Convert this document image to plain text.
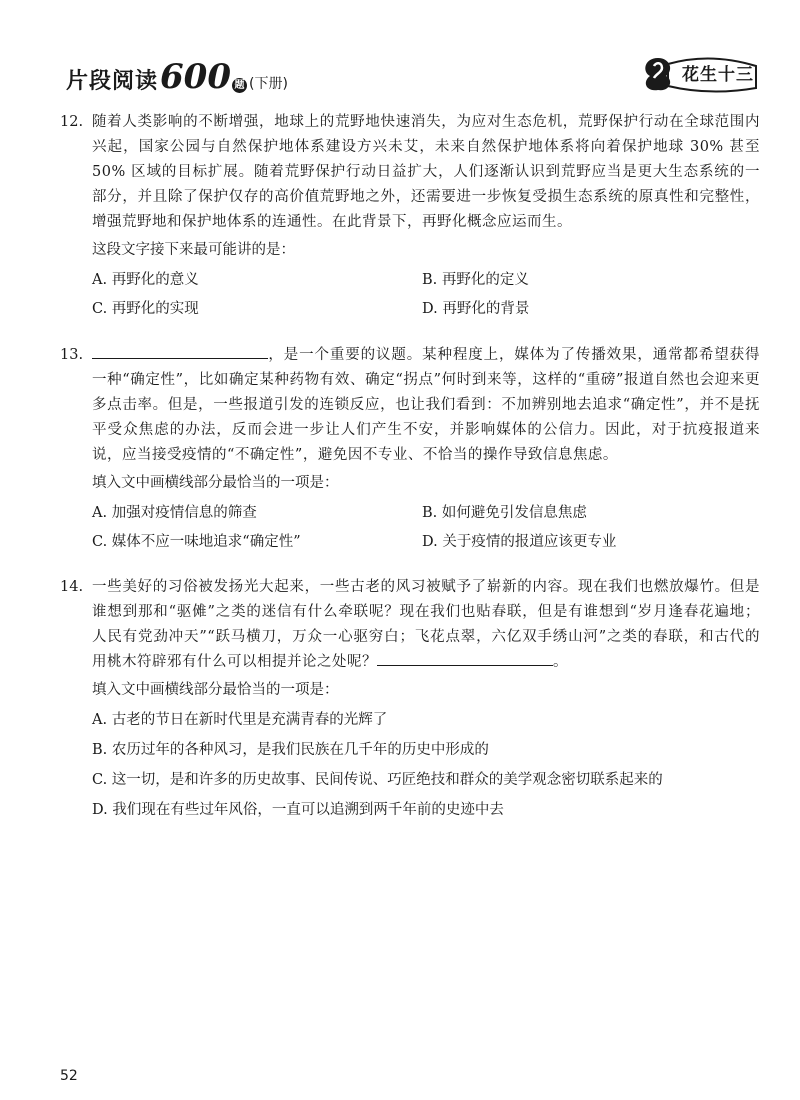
片段阅读 600 题 (下册)	花生十三
12. 随着人类影响的不断增强，地球上的荒野地快速消失，为应对生态危机，荒野保护行动在全球范围内兴起，国家公园与自然保护地体系建设方兴未艾，未来自然保护地体系将向着保护地球 30% 甚至 50% 区域的目标扩展。随着荒野保护行动日益扩大，人们逐渐认识到荒野应当是更大生态系统的一部分，并且除了保护仅存的高价值荒野地之外，还需要进一步恢复受损生态系统的原真性和完整性，增强荒野地和保护地体系的连通性。在此背景下，再野化概念应运而生。
这段文字接下来最可能讲的是：
A. 再野化的意义	B. 再野化的定义
C. 再野化的实现	D. 再野化的背景
13.	，是一个重要的议题。某种程度上，媒体为了传播效果，通常都希望获得一种“确定性”，比如确定某种药物有效、确定“拐点”何时到来等，这样的“重磅”报道自然也会迎来更多点击率。但是，一些报道引发的连锁反应，也让我们看到：不加辨别地去追求“确定性”，并不是抚平受众焦虑的办法，反而会进一步让人们产生不安，并影响媒体的公信力。因此，对于抗疫报道来说，应当接受疫情的“不确定性”，避免因不专业、不恰当的操作导致信息焦虑。
填入文中画横线部分最恰当的一项是：
A. 加强对疫情信息的筛查	B. 如何避免引发信息焦虑
C. 媒体不应一味地追求“确定性”	D. 关于疫情的报道应该更专业
14. 一些美好的习俗被发扬光大起来，一些古老的风习被赋予了崭新的内容。现在我们也燃放爆竹。但是谁想到那和“驱傩”之类的迷信有什么牵联呢？现在我们也贴春联，但是有谁想到“岁月逢春花遍地；人民有党劲冲天”“跃马横刀，万众一心驱穷白；飞花点翠，六亿双手绣山河”之类的春联，和古代的用桃木符辟邪有什么可以相提并论之处呢？	。
填入文中画横线部分最恰当的一项是：
A. 古老的节日在新时代里是充满青春的光辉了
B. 农历过年的各种风习，是我们民族在几千年的历史中形成的
C. 这一切，是和许多的历史故事、民间传说、巧匠绝技和群众的美学观念密切联系起来的
D. 我们现在有些过年风俗，一直可以追溯到两千年前的史迹中去
52
